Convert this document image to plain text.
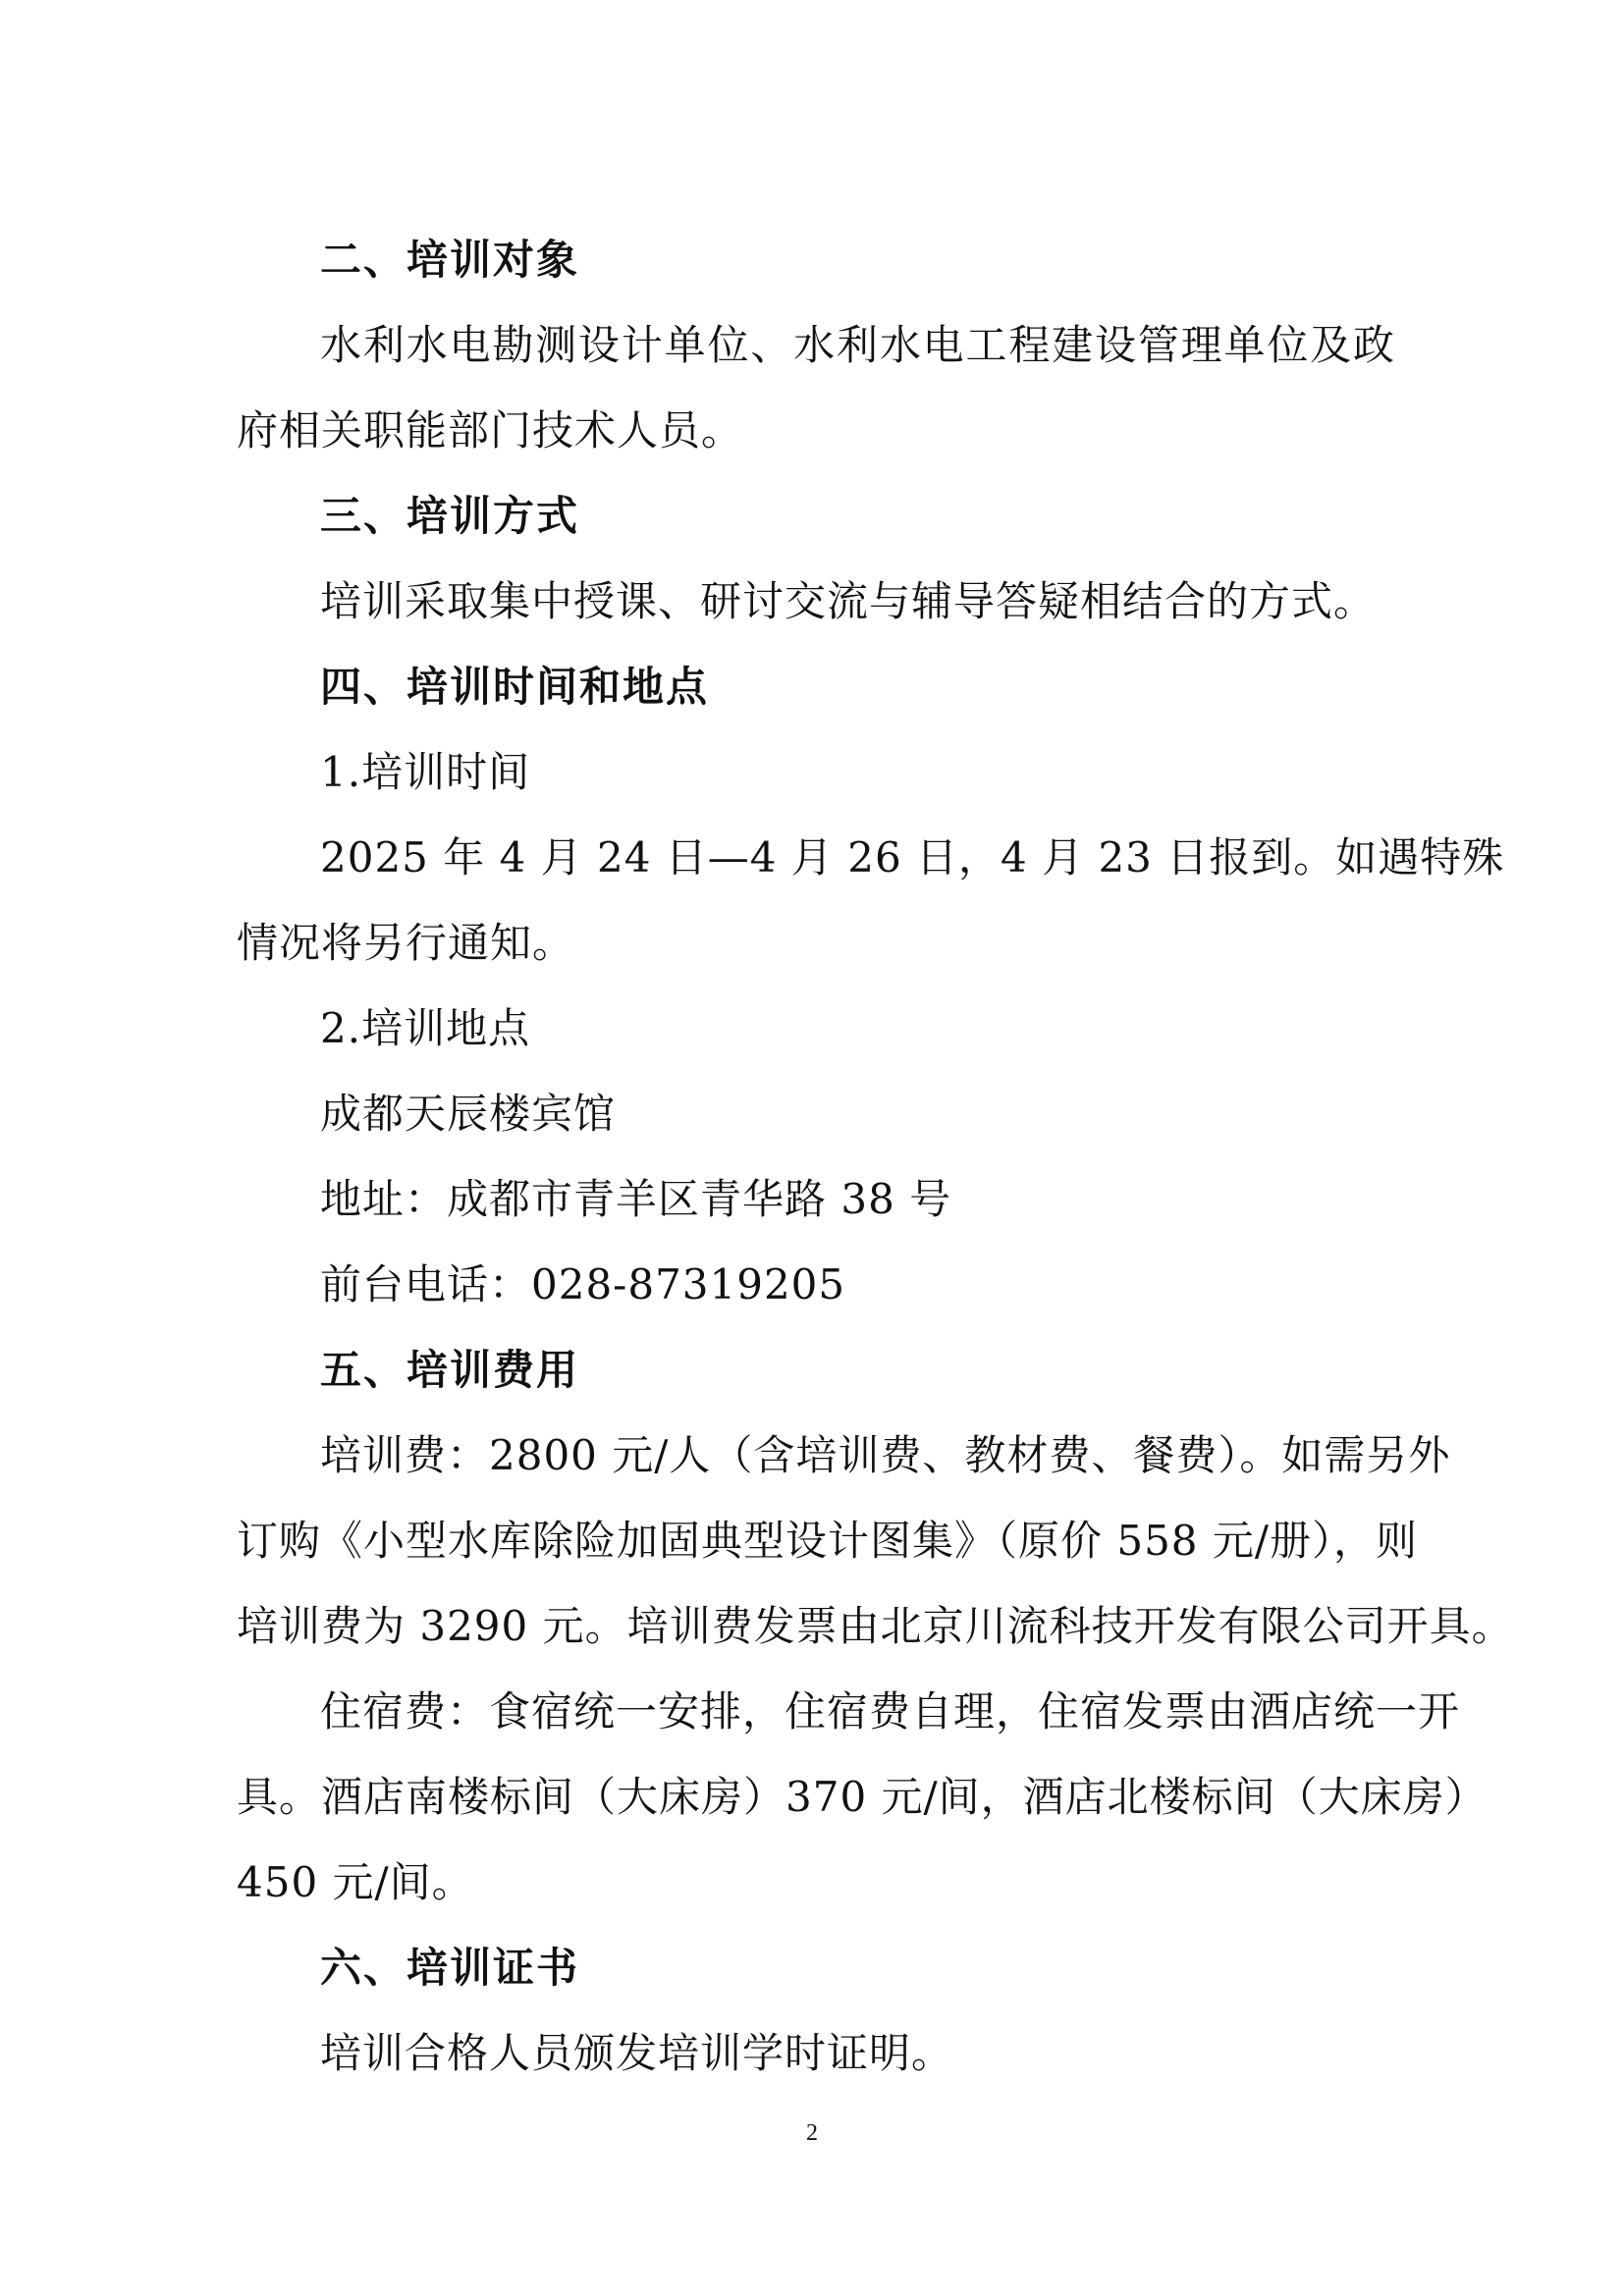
二、培训对象
水利水电勘测设计单位、水利水电工程建设管理单位及政
府相关职能部门技术人员。
三、培训方式
培训采取集中授课、研讨交流与辅导答疑相结合的方式。
四、培训时间和地点
1.培训时间
2025 年 4 月 24 日—4 月 26 日，4 月 23 日报到。如遇特殊
情况将另行通知。
2.培训地点
成都天辰楼宾馆
地址：成都市青羊区青华路 38 号
前台电话：028-87319205
五、培训费用
培训费：2800 元/人（含培训费、教材费、餐费）。如需另外
订购《小型水库除险加固典型设计图集》（原价 558 元/册），则
培训费为 3290 元。培训费发票由北京川流科技开发有限公司开具。
住宿费：食宿统一安排，住宿费自理，住宿发票由酒店统一开
具。酒店南楼标间（大床房）370 元/间，酒店北楼标间（大床房）
450 元/间。
六、培训证书
培训合格人员颁发培训学时证明。
2
